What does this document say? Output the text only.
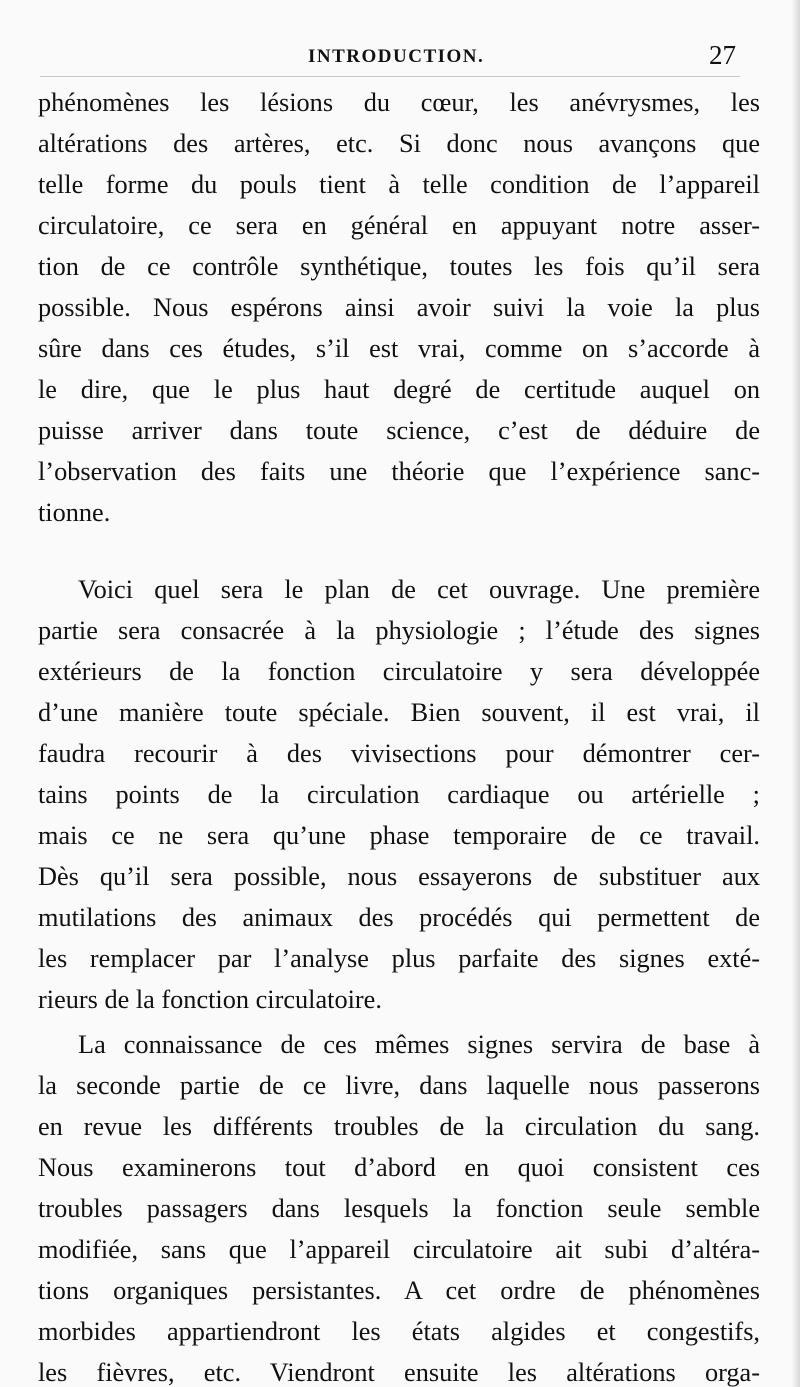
INTRODUCTION.	27
phénomènes les lésions du cœur, les anévrysmes, les
altérations des artères, etc. Si donc nous avançons que
telle forme du pouls tient à telle condition de l’appareil
circulatoire, ce sera en général en appuyant notre asser-
tion de ce contrôle synthétique, toutes les fois qu’il sera
possible. Nous espérons ainsi avoir suivi la voie la plus
sûre dans ces études, s’il est vrai, comme on s’accorde à
le dire, que le plus haut degré de certitude auquel on
puisse arriver dans toute science, c’est de déduire de
l’observation des faits une théorie que l’expérience sanc-
tionne.
Voici quel sera le plan de cet ouvrage. Une première
partie sera consacrée à la physiologie ; l’étude des signes
extérieurs de la fonction circulatoire y sera développée
d’une manière toute spéciale. Bien souvent, il est vrai, il
faudra recourir à des vivisections pour démontrer cer-
tains points de la circulation cardiaque ou artérielle ;
mais ce ne sera qu’une phase temporaire de ce travail.
Dès qu’il sera possible, nous essayerons de substituer aux
mutilations des animaux des procédés qui permettent de
les remplacer par l’analyse plus parfaite des signes exté-
rieurs de la fonction circulatoire.
La connaissance de ces mêmes signes servira de base à
la seconde partie de ce livre, dans laquelle nous passerons
en revue les différents troubles de la circulation du sang.
Nous examinerons tout d’abord en quoi consistent ces
troubles passagers dans lesquels la fonction seule semble
modifiée, sans que l’appareil circulatoire ait subi d’altéra-
tions organiques persistantes. A cet ordre de phénomènes
morbides appartiendront les états algides et congestifs,
les fièvres, etc. Viendront ensuite les altérations orga-
